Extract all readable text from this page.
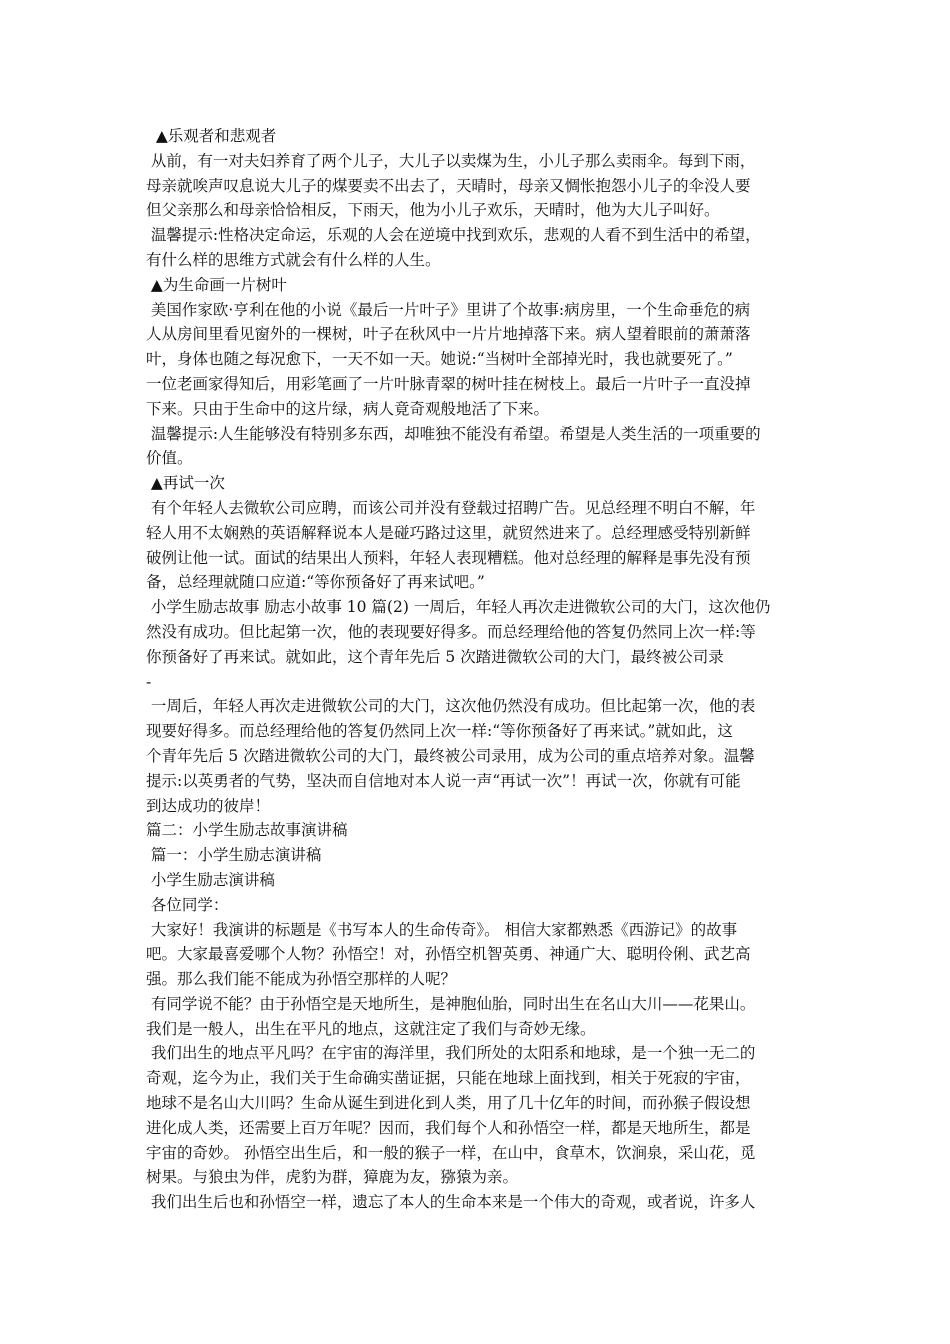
▲乐观者和悲观者
从前，有一对夫妇养育了两个儿子，大儿子以卖煤为生，小儿子那么卖雨伞。每到下雨，
母亲就唉声叹息说大儿子的煤要卖不出去了，天晴时，母亲又惆怅抱怨小儿子的伞没人要
但父亲那么和母亲恰恰相反，下雨天，他为小儿子欢乐，天晴时，他为大儿子叫好。
温馨提示:性格决定命运，乐观的人会在逆境中找到欢乐，悲观的人看不到生活中的希望，
有什么样的思维方式就会有什么样的人生。
▲为生命画一片树叶
美国作家欧·亨利在他的小说《最后一片叶子》里讲了个故事:病房里，一个生命垂危的病
人从房间里看见窗外的一棵树，叶子在秋风中一片片地掉落下来。病人望着眼前的萧萧落
叶，身体也随之每况愈下，一天不如一天。她说:“当树叶全部掉光时，我也就要死了。”
一位老画家得知后，用彩笔画了一片叶脉青翠的树叶挂在树枝上。最后一片叶子一直没掉
下来。只由于生命中的这片绿，病人竟奇观般地活了下来。
温馨提示:人生能够没有特别多东西，却唯独不能没有希望。希望是人类生活的一项重要的
价值。
▲再试一次
有个年轻人去微软公司应聘，而该公司并没有登载过招聘广告。见总经理不明白不解，年
轻人用不太娴熟的英语解释说本人是碰巧路过这里，就贸然进来了。总经理感受特别新鲜
破例让他一试。面试的结果出人预料，年轻人表现糟糕。他对总经理的解释是事先没有预
备，总经理就随口应道:“等你预备好了再来试吧。”
小学生励志故事 励志小故事 10 篇(2) 一周后，年轻人再次走进微软公司的大门，这次他仍
然没有成功。但比起第一次，他的表现要好得多。而总经理给他的答复仍然同上次一样:等
你预备好了再来试。就如此，这个青年先后 5 次踏进微软公司的大门，最终被公司录
-
一周后，年轻人再次走进微软公司的大门，这次他仍然没有成功。但比起第一次，他的表
现要好得多。而总经理给他的答复仍然同上次一样:“等你预备好了再来试。”就如此，这
个青年先后 5 次踏进微软公司的大门，最终被公司录用，成为公司的重点培养对象。温馨
提示:以英勇者的气势，坚决而自信地对本人说一声“再试一次”！再试一次，你就有可能
到达成功的彼岸！
篇二：小学生励志故事演讲稿
篇一：小学生励志演讲稿
小学生励志演讲稿
各位同学：
大家好！我演讲的标题是《书写本人的生命传奇》。 相信大家都熟悉《西游记》的故事
吧。大家最喜爱哪个人物？孙悟空！对，孙悟空机智英勇、神通广大、聪明伶俐、武艺高
强。那么我们能不能成为孙悟空那样的人呢？
有同学说不能？由于孙悟空是天地所生，是神胞仙胎，同时出生在名山大川——花果山。
我们是一般人，出生在平凡的地点，这就注定了我们与奇妙无缘。
我们出生的地点平凡吗？在宇宙的海洋里，我们所处的太阳系和地球，是一个独一无二的
奇观，迄今为止，我们关于生命确实凿证据，只能在地球上面找到，相关于死寂的宇宙，
地球不是名山大川吗？生命从诞生到进化到人类，用了几十亿年的时间，而孙猴子假设想
进化成人类，还需要上百万年呢？因而，我们每个人和孙悟空一样，都是天地所生，都是
宇宙的奇妙。 孙悟空出生后，和一般的猴子一样，在山中，食草木，饮涧泉，采山花，觅
树果。与狼虫为伴，虎豹为群，獐鹿为友，猕猿为亲。
我们出生后也和孙悟空一样，遗忘了本人的生命本来是一个伟大的奇观，或者说，许多人
